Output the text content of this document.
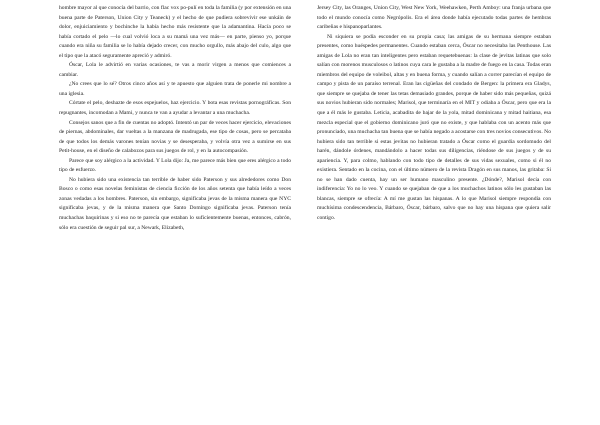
hombre mayor al que conocía del barrio, con flac vox po-pulí en toda la familia (y por extensión en una buena parte de Paterson, Union City y Teaneck) y el hecho de que pudiera sobrevivir ese unkáin de dolor, enjuiciamiento y bochinche la había hecho más resistente que la adamantina. Hacía poco se había cortado el pelo —lo cual volvió loca a su mamá una vez más— en parte, pienso yo, porque cuando era niña su familia se lo había dejado crecer, con mucho orgullo, más abajo del culo, algo que el tipo que la atacó seguramente apreció y admiró.

Óscar, Lola le advirtió en varias ocasiones, te vas a morir virgen a menos que comiences a cambiar.

¿No crees que lo sé? Otros cinco años así y te apuesto que alguien trata de ponerle mi nombre a una iglesia.

Córtate el pelo, deshazte de esos espejuelos, haz ejercicio. Y bota esas revistas pornográficas. Son repugnantes, incomodan a Mami, y nunca te van a ayudar a levantar a una muchacha.

Consejos sanos que a fin de cuentas no adoptó. Intentó un par de veces hacer ejercicio, elevaciones de piernas, abdominales, dar vueltas a la manzana de madrugada, ese tipo de cosas, pero se percataba de que todos los demás varones tenían novias y se desesperaba, y volvía otra vez a sumirse en sus Petit-house, en el diseño de calabozos para sus juegos de rol, y en la autocompasión.

Parece que soy alérgico a la actividad. Y Lola dijo: Ja, me parece más bien que eres alérgico a todo tipo de esfuerzo.

No hubiera sido una existencia tan terrible de haber sido Paterson y sus alrededores como Don Bosco o como esas novelas feministas de ciencia ficción de los años setenta que había leído a veces zonas vedadas a los hombres. Paterson, sin embargo, significaba jevas de la misma manera que NYC significaba jevas, y de la misma manera que Santo Domingo significaba jevas. Paterson tenía muchachas baquirinas y si eso no te parecía que estaban lo suficientemente buenas, entonces, cabrón, sólo era cuestión de seguir pal sur, a Newark, Elizabeth,

Jersey City, las Oranges, Union City, West New York, Weehawken, Perth Amboy: una franja urbana que todo el mundo conocía como Negrópolis. Era el área donde había ejecutado todas partes de hembras caribeñas e hispanoparlantes.

Ni siquiera se podía esconder en su propia casa; las amigas de su hermana siempre estaban presentes, como huéspedes permanentes. Cuando estaban cerca, Óscar no necesitaba las Penthouse. Las amigas de Lola no eran tan inteligentes pero estaban requetebuenas: la clase de jevitas latinas que solo salían con morenos musculosos o latinos cuya cara le gustaba a la madre de fuego en la casa. Todas eran miembros del equipo de voleibol, altas y en buena forma, y cuando salían a correr parecían el equipo de campo y pista de un paraíso terrenal. Eran las cigüeñas del condado de Bergen: la primera era Gladys, que siempre se quejaba de tener las tetas demasiado grandes, porque de haber sido más pequeñas, quizá sus novios hubieran sido normales; Marisol, que terminaría en el MIT y odiaba a Óscar, pero que era la que a él más le gustaba. Leticia, acabadita de bajar de la yola, mitad dominicana y mitad haitiana, esa mezcla especial que el gobierno dominicano juró que no existe, y que hablaba con un acento más que pronunciado, una muchacha tan buena que se había negado a acostarse con tres novios consecutivos. No hubiera sido tan terrible si estas jevitas no hubieran tratado a Óscar como el guardia sordomudo del harén, dándole órdenes, mandándolo a hacer todas sus diligencias, riéndose de sus juegos y de su apariencia. Y, para colmo, hablando con todo tipo de detalles de sus vidas sexuales, como si él no existiera. Sentado en la cocina, con el último número de la revista Dragón en sus manos, las gritaba: Si no se han dado cuenta, hay un ser humano masculino presente. ¿Dónde?, Marisol decía con indiferencia: Yo no lo veo. Y cuando se quejaban de que a los muchachos latinos sólo les gustaban las blancas, siempre se ofrecía: A mí me gustan las hispanas. A lo que Marisol siempre respondía con muchísima condescendencia, Bárbaro, Óscar, bárbaro, salvo que no hay una hispana que quiera salir contigo.
